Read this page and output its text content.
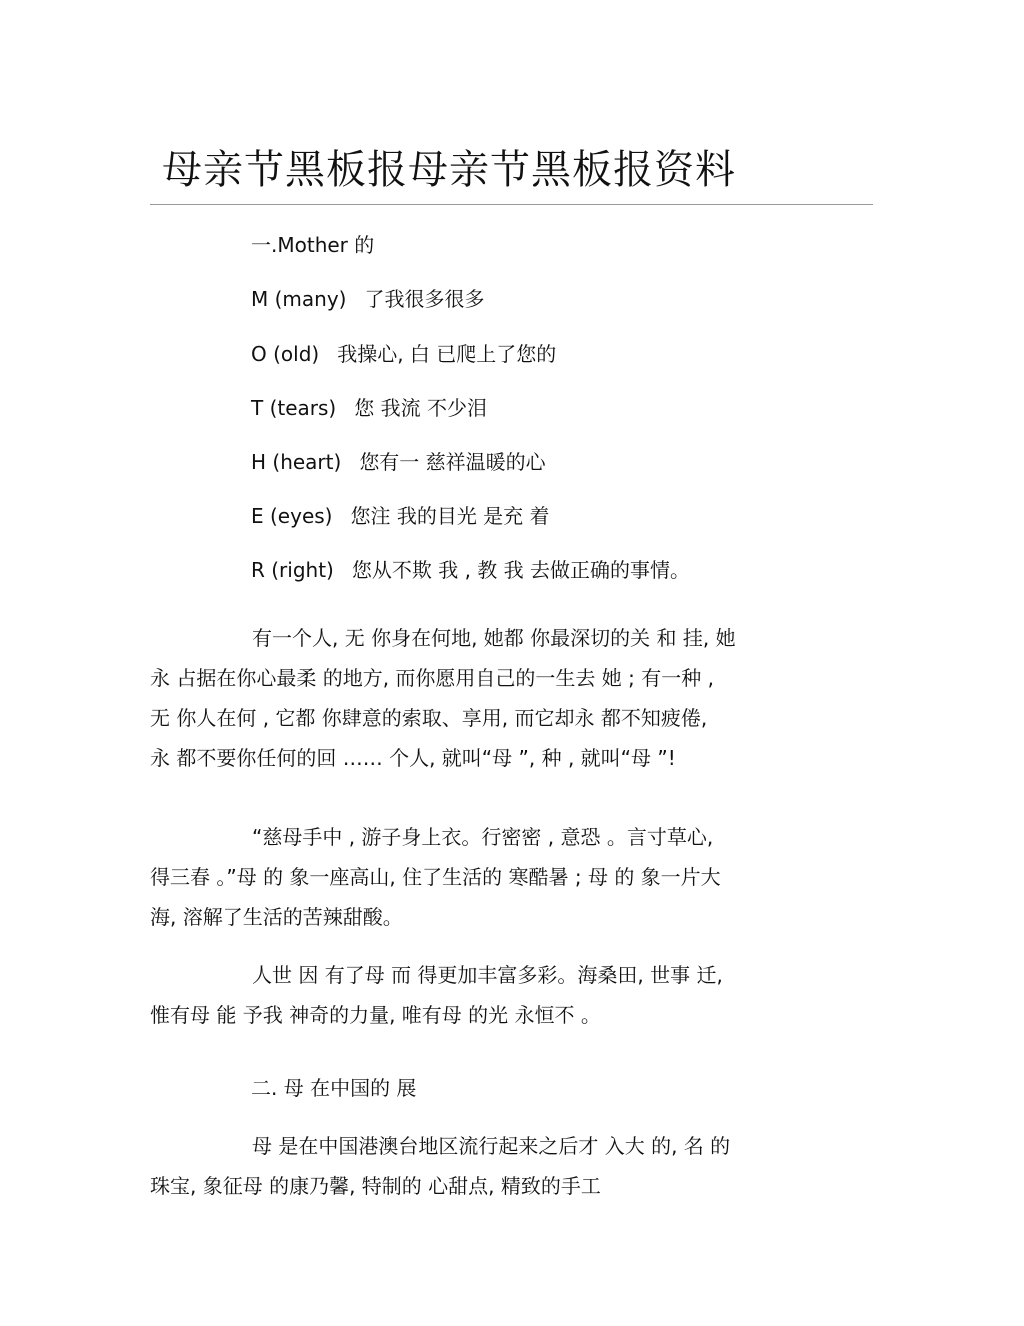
母亲节黑板报母亲节黑板报资料
一.Mother 的
M (many) 了我很多很多
O (old) 我操心, 白 已爬上了您的
T (tears) 您 我流 不少泪
H (heart) 您有一 慈祥温暖的心
E (eyes) 您注 我的目光 是充 着
R (right) 您从不欺 我 , 教 我 去做正确的事情。
有一个人, 无 你身在何地, 她都 你最深切的关 和 挂, 她
永 占据在你心最柔 的地方, 而你愿用自己的一生去 她 ; 有一种 ,
无 你人在何 , 它都 你肆意的索取、享用, 而它却永 都不知疲倦,
永 都不要你任何的回 …… 个人, 就叫“母 ”, 种 , 就叫“母 ”!
“慈母手中 , 游子身上衣。行密密 , 意恐 。言寸草心,
得三春 。”母 的 象一座高山, 住了生活的 寒酷暑 ; 母 的 象一片大
海, 溶解了生活的苦辣甜酸。
人世 因 有了母 而 得更加丰富多彩。海桑田, 世事 迁,
惟有母 能 予我 神奇的力量, 唯有母 的光 永恒不 。
二. 母 在中国的 展
母 是在中国港澳台地区流行起来之后才 入大 的, 名 的
珠宝, 象征母 的康乃馨, 特制的 心甜点, 精致的手工
